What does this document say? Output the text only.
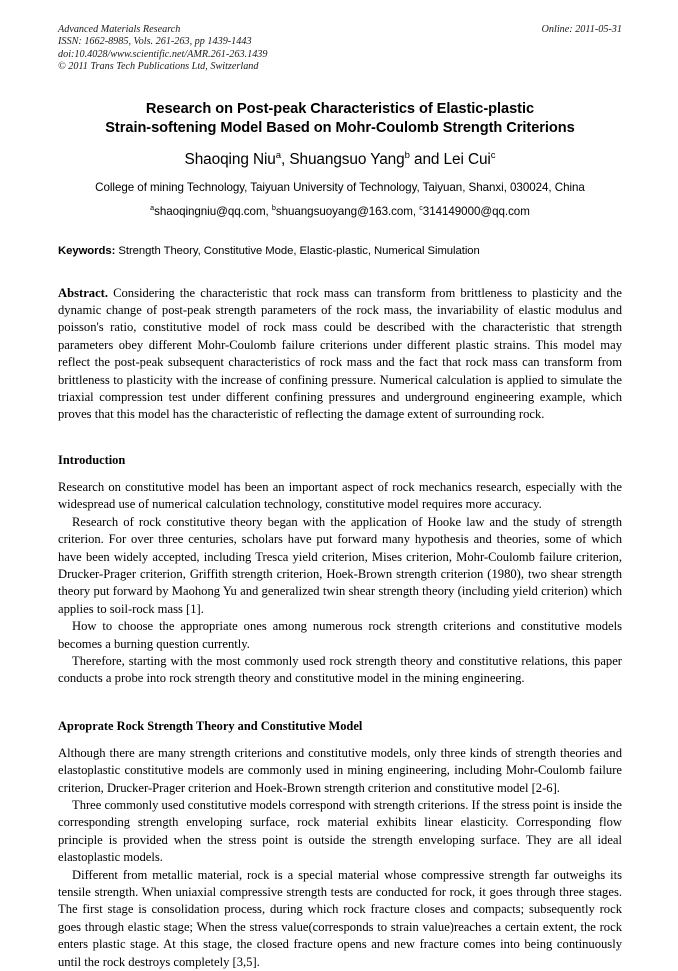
Advanced Materials Research
ISSN: 1662-8985, Vols. 261-263, pp 1439-1443
doi:10.4028/www.scientific.net/AMR.261-263.1439
© 2011 Trans Tech Publications Ltd, Switzerland
Online: 2011-05-31
Research on Post-peak Characteristics of Elastic-plastic
Strain-softening Model Based on Mohr-Coulomb Strength Criterions
Shaoqing Niu$^a$, Shuangsuo Yang$^b$ and Lei Cui$^c$
College of mining Technology, Taiyuan University of Technology, Taiyuan, Shanxi, 030024, China
$^a$shaoqingniu@qq.com, $^b$shuangsuoyang@163.com, $^c$314149000@qq.com
Keywords: Strength Theory, Constitutive Mode, Elastic-plastic, Numerical Simulation
Abstract. Considering the characteristic that rock mass can transform from brittleness to plasticity and the dynamic change of post-peak strength parameters of the rock mass, the invariability of elastic modulus and poisson's ratio, constitutive model of rock mass could be described with the characteristic that strength parameters obey different Mohr-Coulomb failure criterions under different plastic strains. This model may reflect the post-peak subsequent characteristics of rock mass and the fact that rock mass can transform from brittleness to plasticity with the increase of confining pressure. Numerical calculation is applied to simulate the triaxial compression test under different confining pressures and underground engineering example, which proves that this model has the characteristic of reflecting the damage extent of surrounding rock.
Introduction

Research on constitutive model has been an important aspect of rock mechanics research, especially with the widespread use of numerical calculation technology, constitutive model requires more accuracy.

Research of rock constitutive theory began with the application of Hooke law and the study of strength criterion. For over three centuries, scholars have put forward many hypothesis and theories, some of which have been widely accepted, including Tresca yield criterion, Mises criterion, Mohr-Coulomb failure criterion, Drucker-Prager criterion, Griffith strength criterion, Hoek-Brown strength criterion (1980), two shear strength theory put forward by Maohong Yu and generalized twin shear strength theory (including yield criterion) which applies to soil-rock mass [1].

How to choose the appropriate ones among numerous rock strength criterions and constitutive models becomes a burning question currently.

Therefore, starting with the most commonly used rock strength theory and constitutive relations, this paper conducts a probe into rock strength theory and constitutive model in the mining engineering.

Aproprate Rock Strength Theory and Constitutive Model

Although there are many strength criterions and constitutive models, only three kinds of strength theories and elastoplastic constitutive models are commonly used in mining engineering, including Mohr-Coulomb failure criterion, Drucker-Prager criterion and Hoek-Brown strength criterion and constitutive model [2-6].

Three commonly used constitutive models correspond with strength criterions. If the stress point is inside the corresponding strength enveloping surface, rock material exhibits linear elasticity. Corresponding flow principle is provided when the stress point is outside the strength enveloping surface. They are all ideal elastoplastic models.

Different from metallic material, rock is a special material whose compressive strength far outweighs its tensile strength. When uniaxial compressive strength tests are conducted for rock, it goes through three stages. The first stage is consolidation process, during which rock fracture closes and compacts; subsequently rock goes through elastic stage; When the stress value(corresponds to strain value)reaches a certain extent, the rock enters plastic stage. At this stage, the closed fracture opens and new fracture comes into being continuously until the rock destroys completely [3,5].
